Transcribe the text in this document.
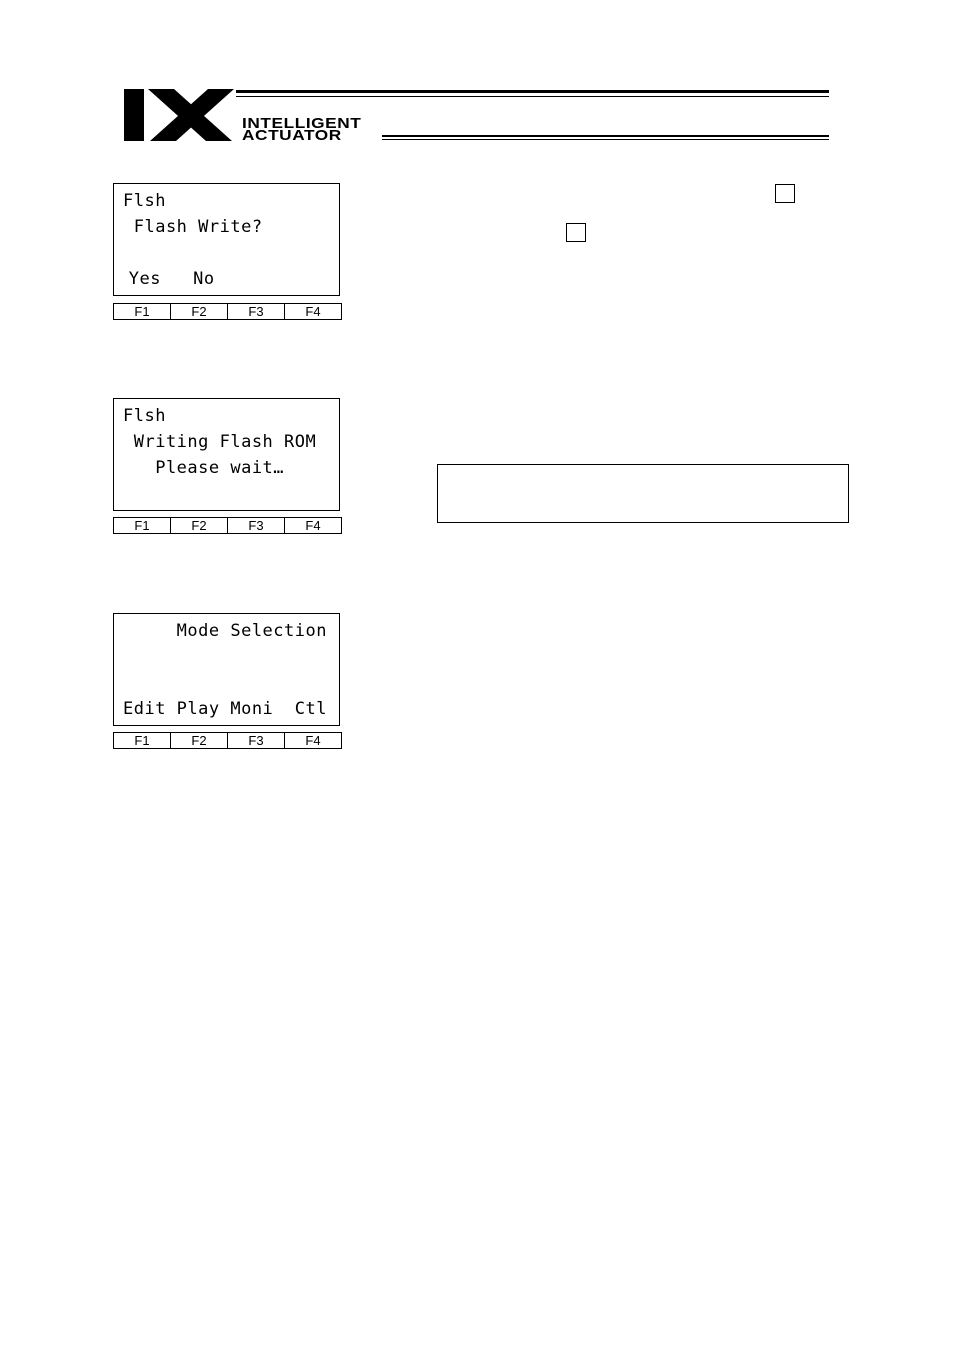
INTELLIGENT
ACTUATOR
Flsh
Flash Write?
Yes   No
F1	F2	F3	F4
Flsh
Writing Flash ROM
Please wait…
F1	F2	F3	F4
Mode Selection
Edit Play Moni  Ctl
F1	F2	F3	F4
